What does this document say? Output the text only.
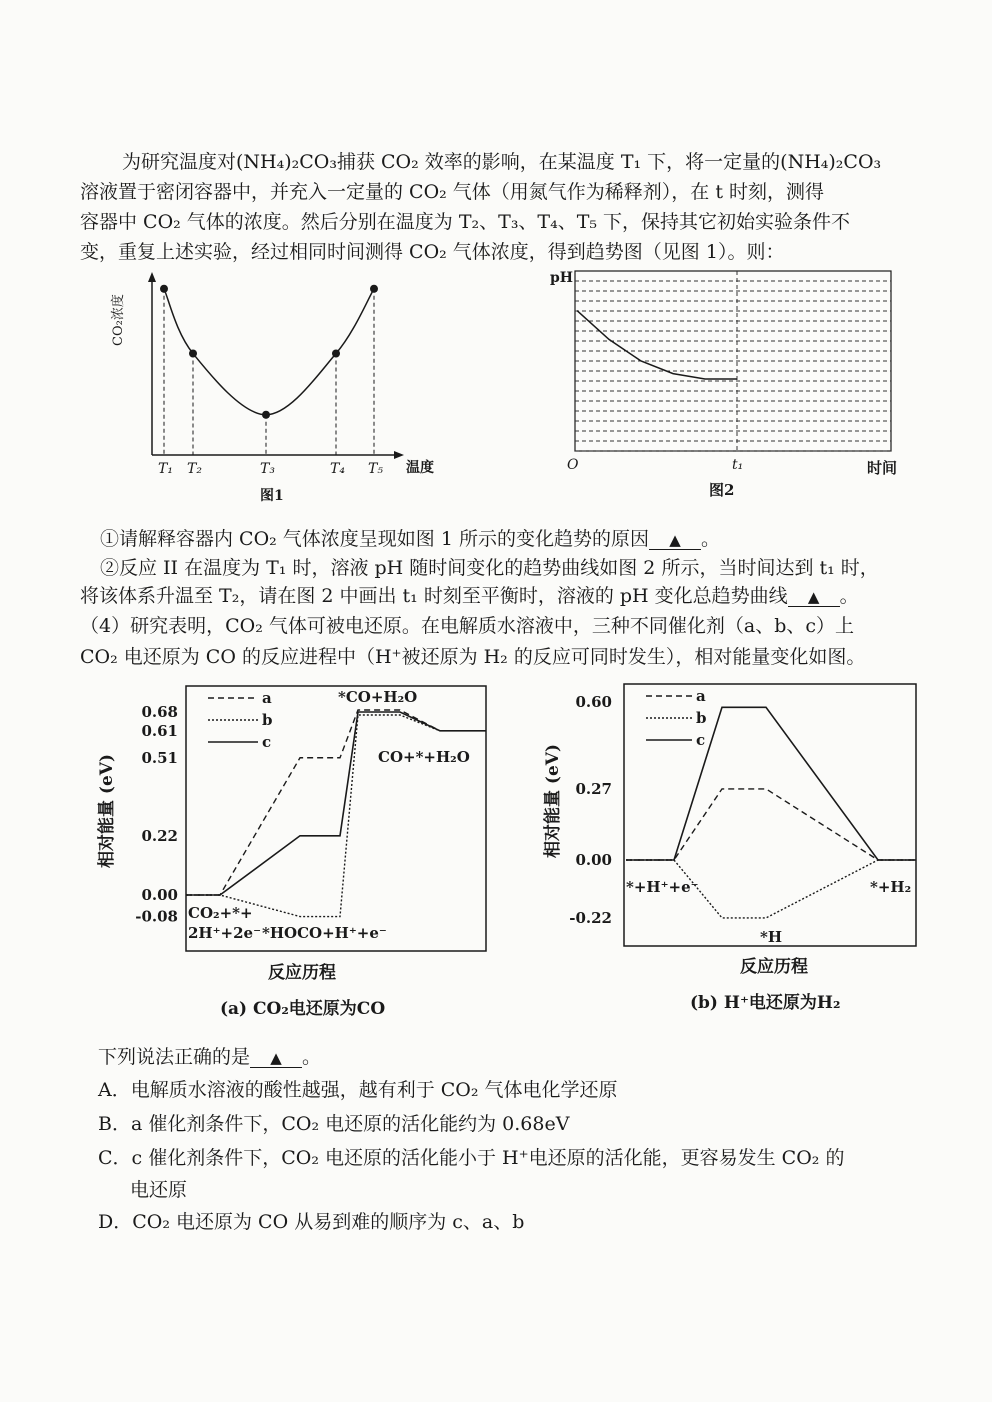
为研究温度对(NH₄)₂CO₃捕获 CO₂ 效率的影响，在某温度 T₁ 下，将一定量的(NH₄)₂CO₃
溶液置于密闭容器中，并充入一定量的 CO₂ 气体（用氮气作为稀释剂），在 t 时刻，测得
容器中 CO₂ 气体的浓度。然后分别在温度为 T₂、T₃、T₄、T₅ 下，保持其它初始实验条件不
变，重复上述实验，经过相同时间测得 CO₂ 气体浓度，得到趋势图（见图 1）。则：
CO₂浓度
温度
图1
T₁ T₂	T₃	T₄ T₅
pH
O	t₁	时间
图2
①请解释容器内 CO₂ 气体浓度呈现如图 1 所示的变化趋势的原因 ▲ 。
②反应 II 在温度为 T₁ 时，溶液 pH 随时间变化的趋势曲线如图 2 所示，当时间达到 t₁ 时，
将该体系升温至 T₂，请在图 2 中画出 t₁ 时刻至平衡时，溶液的 pH 变化总趋势曲线 ▲ 。
（4）研究表明，CO₂ 气体可被电还原。在电解质水溶液中，三种不同催化剂（a、b、c）上
CO₂ 电还原为 CO 的反应进程中（H⁺被还原为 H₂ 的反应可同时发生），相对能量变化如图。
相对能量 (eV)
反应历程
(a) CO₂电还原为CO
0.68
0.61
0.51
0.22
0.00
-0.08
a
b
c
CO₂+*+
2H⁺+2e⁻ *HOCO+H⁺+e⁻
*CO+H₂O
CO+*+H₂O	相对能量 (eV)
反应历程
(b) H⁺电还原为H₂
0.60
0.27
0.00
-0.22
a
b
c
*+H⁺+e⁻
*H
*+H₂
下列说法正确的是 ▲ 。
A．电解质水溶液的酸性越强，越有利于 CO₂ 气体电化学还原
B．a 催化剂条件下，CO₂ 电还原的活化能约为 0.68eV
C．c 催化剂条件下，CO₂ 电还原的活化能小于 H⁺电还原的活化能，更容易发生 CO₂ 的
电还原
D．CO₂ 电还原为 CO 从易到难的顺序为 c、a、b
